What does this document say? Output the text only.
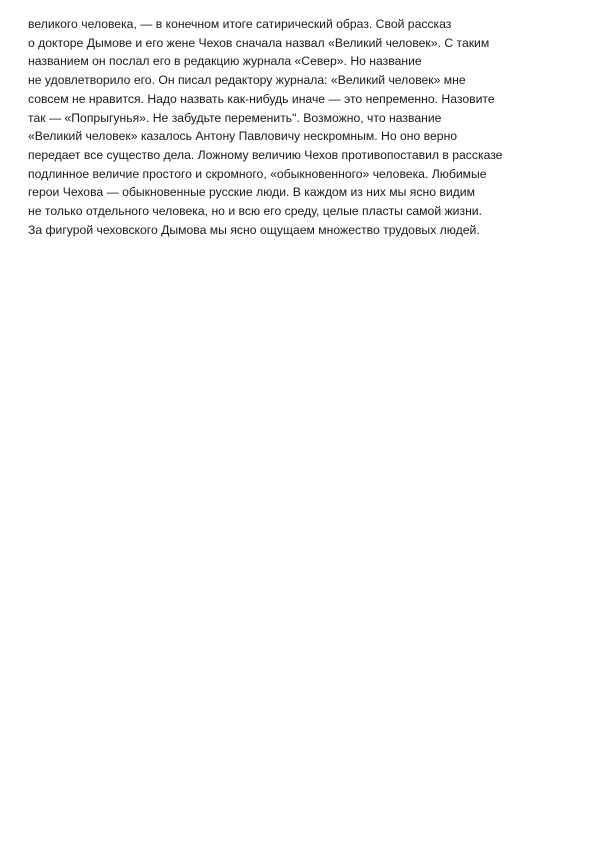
великого человека, — в конечном итоге сатирический образ. Свой рассказ
о докторе Дымове и его жене Чехов сначала назвал «Великий человек». С таким
названием он послал его в редакцию журнала «Север». Но название
не удовлетворило его. Он писал редактору журнала: «Великий человек» мне
совсем не нравится. Надо назвать как-нибудь иначе — это непременно. Назовите
так — «Попрыгунья». Не забудьте переменить". Возможно, что название
«Великий человек» казалось Антону Павловичу нескромным. Но оно верно
передает все существо дела. Ложному величию Чехов противопоставил в рассказе
подлинное величие простого и скромного, «обыкновенного» человека. Любимые
герои Чехова — обыкновенные русские люди. В каждом из них мы ясно видим
не только отдельного человека, но и всю его среду, целые пласты самой жизни.
За фигурой чеховского Дымова мы ясно ощущаем множество трудовых людей.
